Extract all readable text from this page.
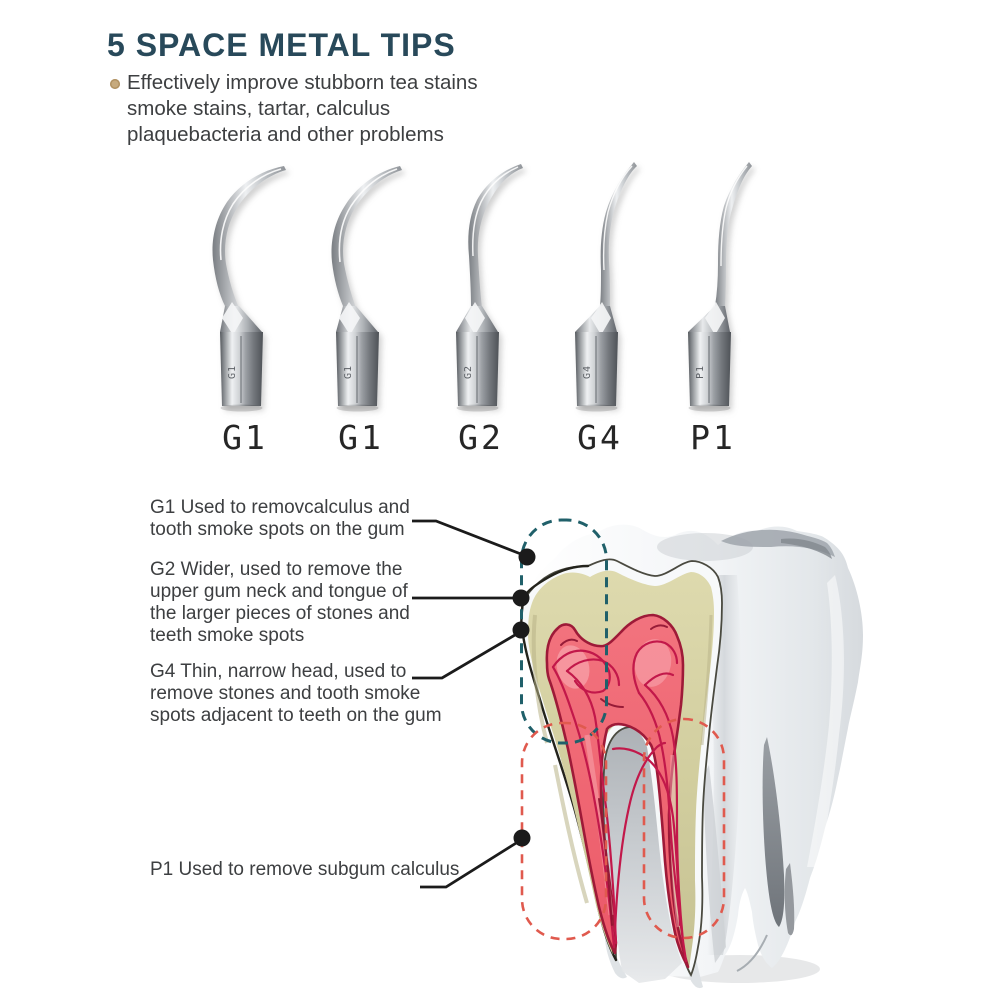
5 SPACE METAL TIPS
Effectively improve stubborn tea stains
smoke stains, tartar, calculus
plaquebacteria and other problems
G1
G1
G1
G1
G2
G2
G4
G4
P1
P1
G1 Used to removcalculus and
tooth smoke spots on the gum
G2 Wider, used to remove the
upper gum neck and tongue of
the larger pieces of stones and
teeth smoke spots
G4 Thin, narrow head, used to
remove stones and tooth smoke
spots adjacent to teeth on the gum
P1 Used to remove subgum calculus
